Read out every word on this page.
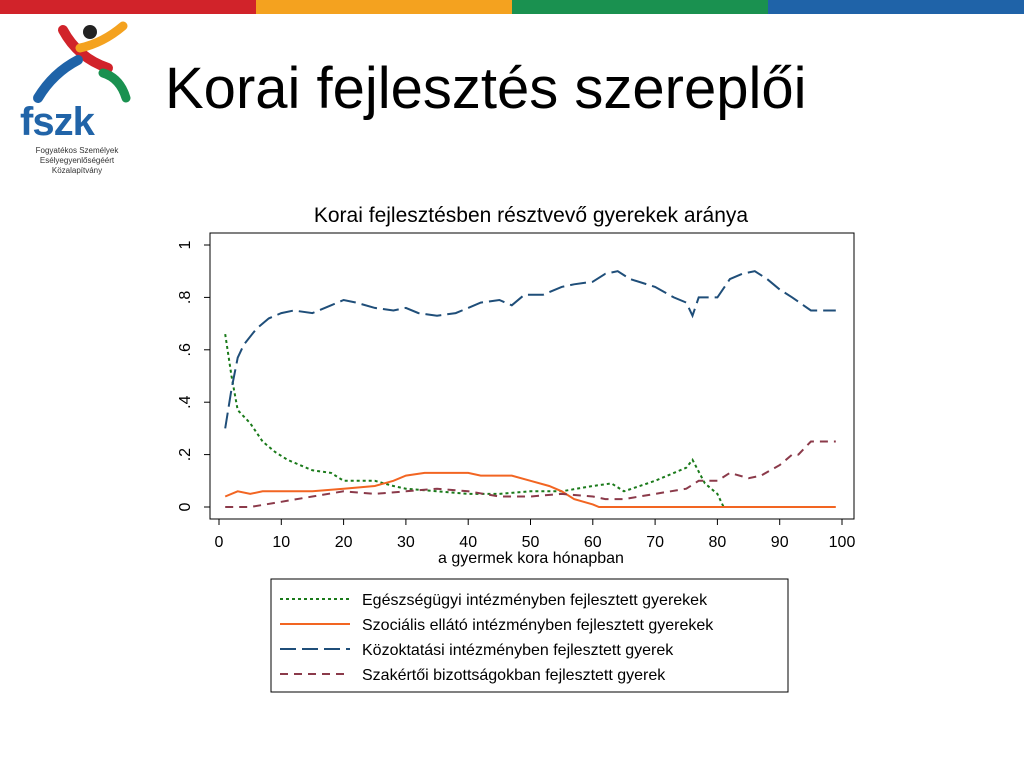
fszk
Fogyatékos Személyek
Esélyegyenlőségéért
Közalapítvány
Korai fejlesztés szereplői
Korai fejlesztésben résztvevő gyerekek aránya
0
.2
.4
.6
.8
1
0	10	20	30	40	50	60	70	80	90	100
a gyermek kora hónapban
Egészségügyi intézményben fejlesztett gyerekek
Szociális ellátó intézményben fejlesztett gyerekek
Közoktatási intézményben fejlesztett gyerek
Szakértői bizottságokban fejlesztett gyerek
